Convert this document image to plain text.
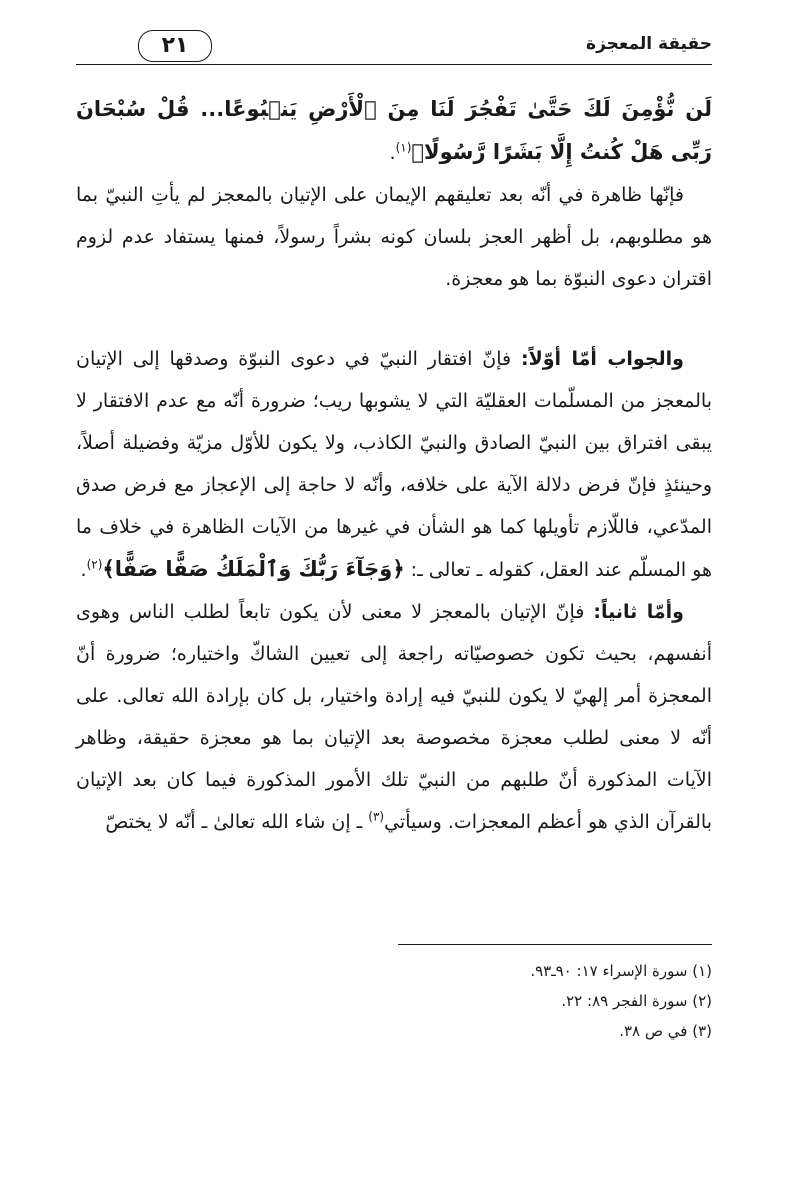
٢١	حقيقة المعجزة

لَن نُّؤْمِنَ لَكَ حَتَّىٰ تَفْجُرَ لَنَا مِنَ ٱلْأَرْضِ يَنۢبُوعًا... قُلْ سُبْحَانَ رَبِّى هَلْ كُنتُ إِلَّا بَشَرًا رَّسُولًا﴾$^{(١)}$.

فإنّها ظاهرة في أنّه بعد تعليقهم الإيمان على الإتيان بالمعجز لم يأتِ النبيّ بما هو مطلوبهم، بل أظهر العجز بلسان كونه بشراً رسولاً، فمنها يستفاد عدم لزوم اقتران دعوى النبوّة بما هو معجزة.

والجواب أمّا أوّلاً: فإنّ افتقار النبيّ في دعوى النبوّة وصدقها إلى الإتيان بالمعجز من المسلّمات العقليّة التي لا يشوبها ريب؛ ضرورة أنّه مع عدم الافتقار لا يبقى افتراق بين النبيّ الصادق والنبيّ الكاذب، ولا يكون للأوّل مزيّة وفضيلة أصلاً، وحينئذٍ فإنّ فرض دلالة الآية على خلافه، وأنّه لا حاجة إلى الإعجاز مع فرض صدق المدّعي، فاللّازم تأويلها كما هو الشأن في غيرها من الآيات الظاهرة في خلاف ما هو المسلّم عند العقل، كقوله ـ تعالى ـ: ﴿وَجَآءَ رَبُّكَ وَٱلْمَلَكُ صَفًّا صَفًّا﴾$^{(٢)}$.

وأمّا ثانياً: فإنّ الإتيان بالمعجز لا معنى لأن يكون تابعاً لطلب الناس وهوى أنفسهم، بحيث تكون خصوصيّاته راجعة إلى تعيين الشاكّ واختياره؛ ضرورة أنّ المعجزة أمر إلهيّ لا يكون للنبيّ فيه إرادة واختيار، بل كان بإرادة الله تعالى. على أنّه لا معنى لطلب معجزة مخصوصة بعد الإتيان بما هو معجزة حقيقة، وظاهر الآيات المذكورة أنّ طلبهم من النبيّ تلك الأمور المذكورة فيما كان بعد الإتيان بالقرآن الذي هو أعظم المعجزات. وسيأتي$^{(٣)}$ ـ إن شاء الله تعالىٰ ـ أنّه لا يختصّ

(١) سورة الإسراء ١٧: ٩٠ـ٩٣.

(٢) سورة الفجر ٨٩: ٢٢.

(٣) في ص ٣٨.
